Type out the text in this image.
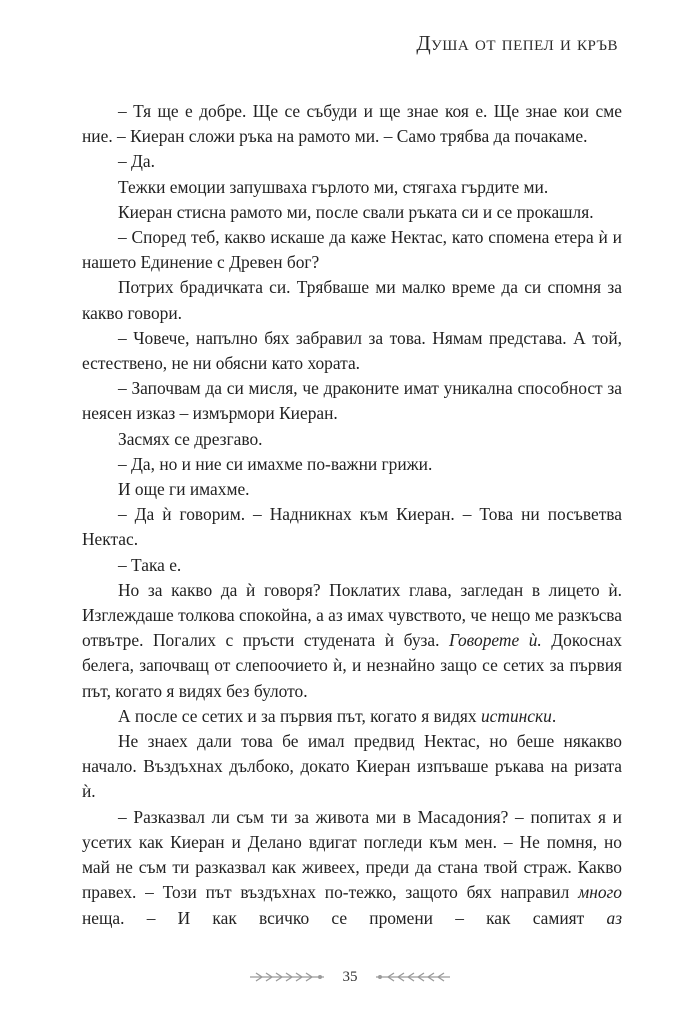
Душа от пепел и кръв

– Тя ще е добре. Ще се събуди и ще знае коя е. Ще знае кои сме ние. – Киеран сложи ръка на рамото ми. – Само трябва да почакаме.

– Да.

Тежки емоции запушваха гърлото ми, стягаха гърдите ми.

Киеран стисна рамото ми, после свали ръката си и се прокашля.

– Според теб, какво искаше да каже Нектас, като спомена етера ѝ и нашето Единение с Древен бог?

Потрих брадичката си. Трябваше ми малко време да си спомня за какво говори.

– Човече, напълно бях забравил за това. Нямам представа. А той, естествено, не ни обясни като хората.

– Започвам да си мисля, че драконите имат уникална способност за неясен изказ – измърмори Киеран.

Засмях се дрезгаво.

– Да, но и ние си имахме по-важни грижи.

И още ги имахме.

– Да ѝ говорим. – Надникнах към Киеран. – Това ни посъветва Нектас.

– Така е.

Но за какво да ѝ говоря? Поклатих глава, загледан в лицето ѝ. Изглеждаше толкова спокойна, а аз имах чувството, че нещо ме разкъсва отвътре. Погалих с пръсти студената ѝ буза. Говорете ѝ. Докоснах белега, започващ от слепоочието ѝ, и незнайно защо се сетих за първия път, когато я видях без булото.

А после се сетих и за първия път, когато я видях истински.

Не знаех дали това бе имал предвид Нектас, но беше някакво начало. Въздъхнах дълбоко, докато Киеран изпъваше ръкава на ризата ѝ.

– Разказвал ли съм ти за живота ми в Масадония? – попитах я и усетих как Киеран и Делано вдигат погледи към мен. – Не помня, но май не съм ти разказвал как живеех, преди да стана твой страж. Какво правех. – Този път въздъхнах по-тежко, защото бях направил много неща. – И как всичко се промени – как самият аз

35
